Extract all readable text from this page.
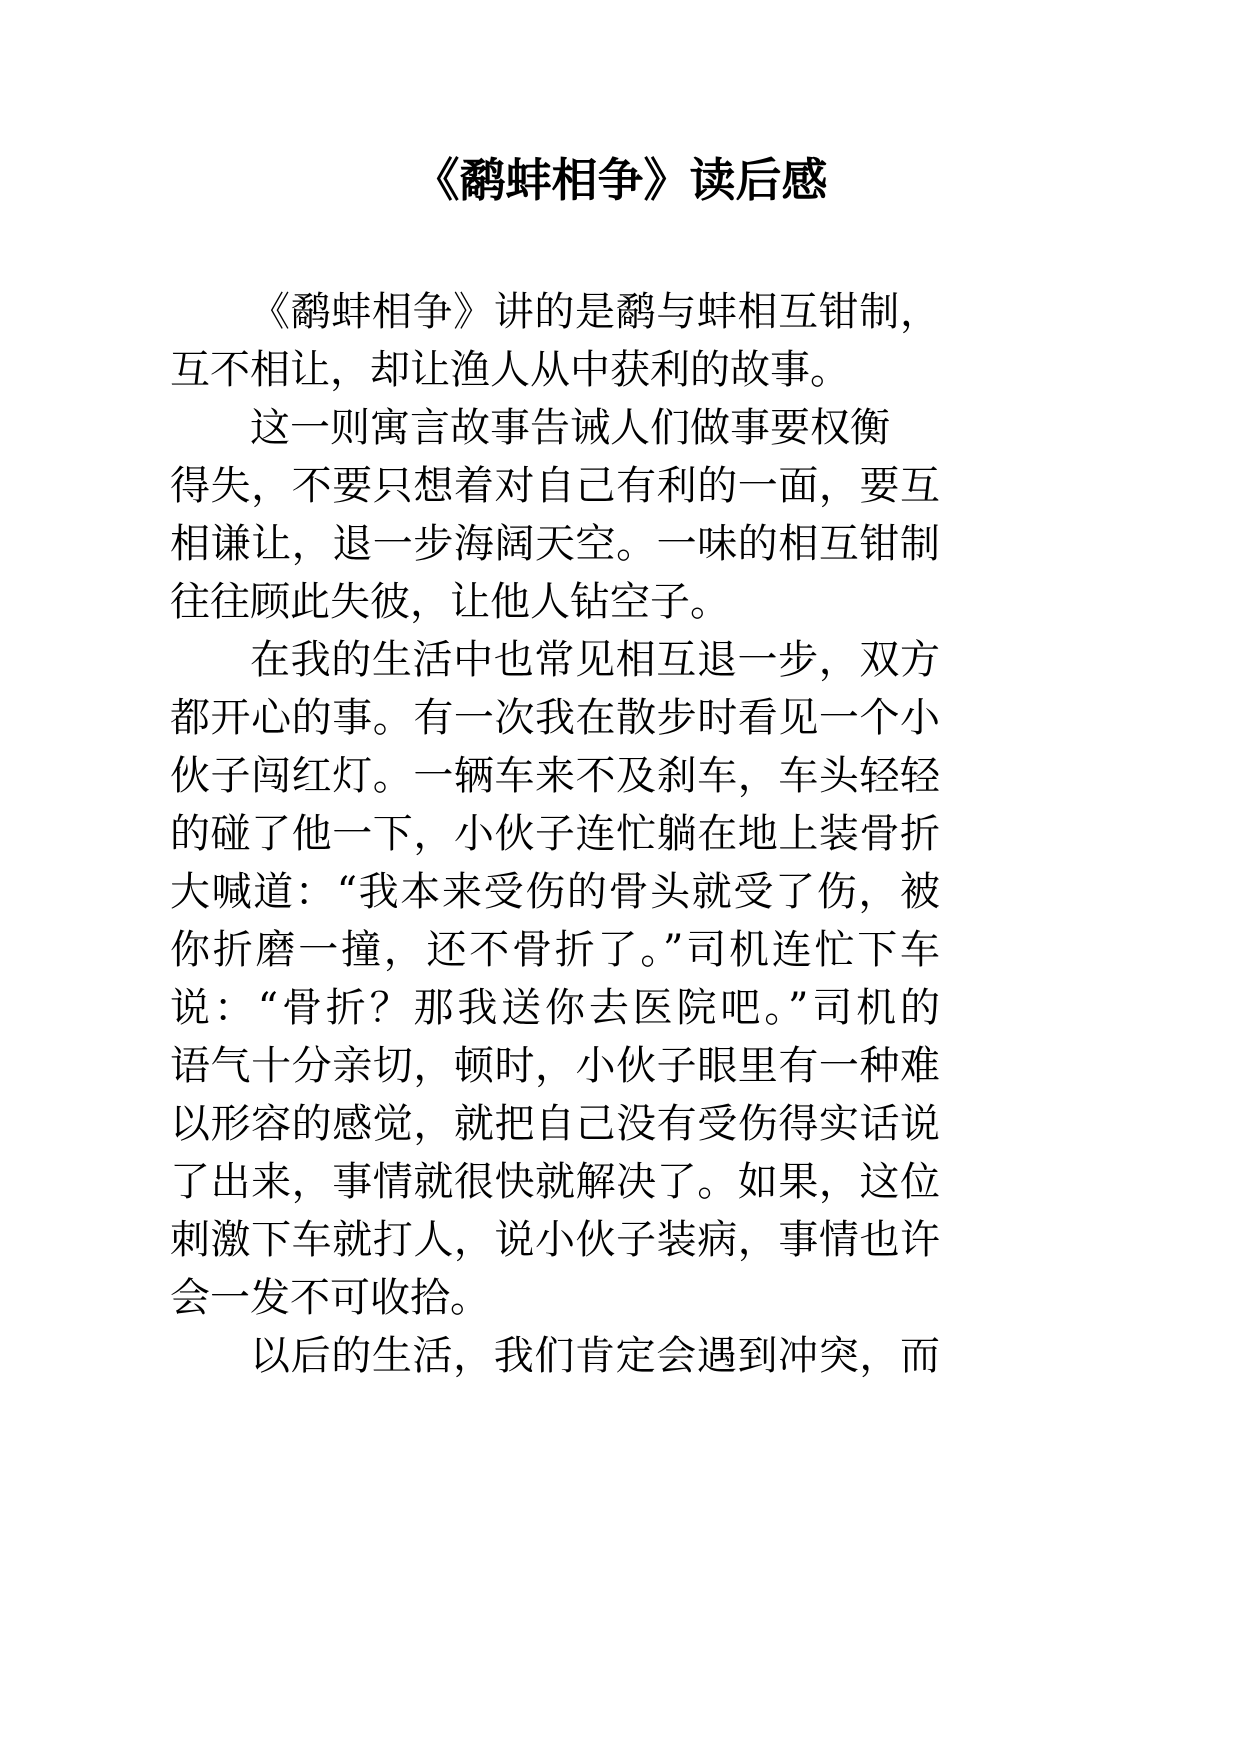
《鹬蚌相争》读后感
《鹬蚌相争》讲的是鹬与蚌相互钳制，
互不相让，却让渔人从中获利的故事。
这一则寓言故事告诫人们做事要权衡
得失，不要只想着对自己有利的一面，要互
相谦让，退一步海阔天空。一味的相互钳制
往往顾此失彼，让他人钻空子。
在我的生活中也常见相互退一步，双方
都开心的事。有一次我在散步时看见一个小
伙子闯红灯。一辆车来不及刹车，车头轻轻
的碰了他一下，小伙子连忙躺在地上装骨折
大喊道：“我本来受伤的骨头就受了伤，被
你折磨一撞，还不骨折了。”司机连忙下车
说：“骨折？那我送你去医院吧。”司机的
语气十分亲切，顿时，小伙子眼里有一种难
以形容的感觉，就把自己没有受伤得实话说
了出来，事情就很快就解决了。如果，这位
刺激下车就打人，说小伙子装病，事情也许
会一发不可收拾。
以后的生活，我们肯定会遇到冲突，而
